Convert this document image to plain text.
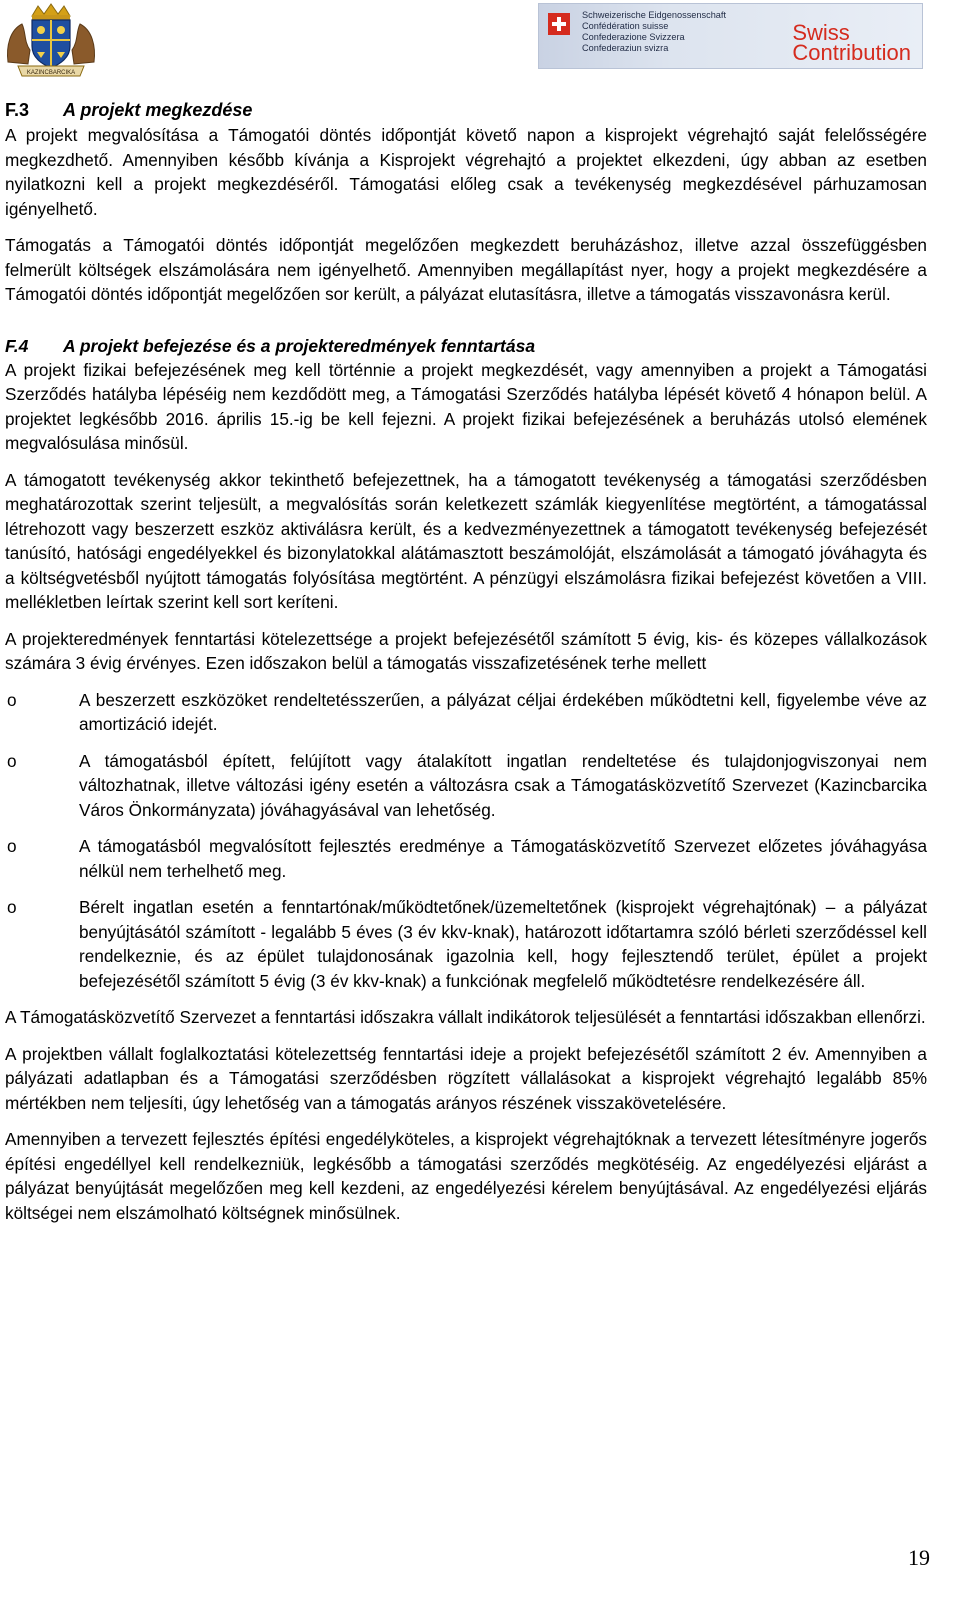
KAZINCBARCIKA
Schweizerische Eidgenossenschaft
Confédération suisse
Confederazione Svizzera
Confederaziun svizra
Swiss
Contribution
F.3 A projekt megkezdése

A projekt megvalósítása a Támogatói döntés időpontját követő napon a kisprojekt végrehajtó saját felelősségére megkezdhető. Amennyiben később kívánja a Kisprojekt végrehajtó a projektet elkezdeni, úgy abban az esetben nyilatkozni kell a projekt megkezdéséről. Támogatási előleg csak a tevékenység megkezdésével párhuzamosan igényelhető.

Támogatás a Támogatói döntés időpontját megelőzően megkezdett beruházáshoz, illetve azzal összefüggésben felmerült költségek elszámolására nem igényelhető. Amennyiben megállapítást nyer, hogy a projekt megkezdésére a Támogatói döntés időpontját megelőzően sor került, a pályázat elutasításra, illetve a támogatás visszavonásra kerül.

F.4 A projekt befejezése és a projekteredmények fenntartása

A projekt fizikai befejezésének meg kell történnie a projekt megkezdését, vagy amennyiben a projekt a Támogatási Szerződés hatályba lépéséig nem kezdődött meg, a Támogatási Szerződés hatályba lépését követő 4 hónapon belül. A projektet legkésőbb 2016. április 15.-ig be kell fejezni. A projekt fizikai befejezésének a beruházás utolsó elemének megvalósulása minősül.

A támogatott tevékenység akkor tekinthető befejezettnek, ha a támogatott tevékenység a támogatási szerződésben meghatározottak szerint teljesült, a megvalósítás során keletkezett számlák kiegyenlítése megtörtént, a támogatással létrehozott vagy beszerzett eszköz aktiválásra került, és a kedvezményezettnek a támogatott tevékenység befejezését tanúsító, hatósági engedélyekkel és bizonylatokkal alátámasztott beszámolóját, elszámolását a támogató jóváhagyta és a költségvetésből nyújtott támogatás folyósítása megtörtént. A pénzügyi elszámolásra fizikai befejezést követően a VIII. mellékletben leírtak szerint kell sort keríteni.

A projekteredmények fenntartási kötelezettsége a projekt befejezésétől számított 5 évig, kis- és közepes vállalkozások számára 3 évig érvényes. Ezen időszakon belül a támogatás visszafizetésének terhe mellett

o	A beszerzett eszközöket rendeltetésszerűen, a pályázat céljai érdekében működtetni kell, figyelembe véve az amortizáció idejét.
o	A támogatásból épített, felújított vagy átalakított ingatlan rendeltetése és tulajdonjogviszonyai nem változhatnak, illetve változási igény esetén a változásra csak a Támogatásközvetítő Szervezet (Kazincbarcika Város Önkormányzata) jóváhagyásával van lehetőség.
o	A támogatásból megvalósított fejlesztés eredménye a Támogatásközvetítő Szervezet előzetes jóváhagyása nélkül nem terhelhető meg.
o	Bérelt ingatlan esetén a fenntartónak/működtetőnek/üzemeltetőnek (kisprojekt végrehajtónak) – a pályázat benyújtásától számított - legalább 5 éves (3 év kkv-knak), határozott időtartamra szóló bérleti szerződéssel kell rendelkeznie, és az épület tulajdonosának igazolnia kell, hogy fejlesztendő terület, épület a projekt befejezésétől számított 5 évig (3 év kkv-knak) a funkciónak megfelelő működtetésre rendelkezésére áll.

A Támogatásközvetítő Szervezet a fenntartási időszakra vállalt indikátorok teljesülését a fenntartási időszakban ellenőrzi.

A projektben vállalt foglalkoztatási kötelezettség fenntartási ideje a projekt befejezésétől számított 2 év. Amennyiben a pályázati adatlapban és a Támogatási szerződésben rögzített vállalásokat a kisprojekt végrehajtó legalább 85% mértékben nem teljesíti, úgy lehetőség van a támogatás arányos részének visszakövetelésére.

Amennyiben a tervezett fejlesztés építési engedélyköteles, a kisprojekt végrehajtóknak a tervezett létesítményre jogerős építési engedéllyel kell rendelkezniük, legkésőbb a támogatási szerződés megkötéséig. Az engedélyezési eljárást a pályázat benyújtását megelőzően meg kell kezdeni, az engedélyezési kérelem benyújtásával. Az engedélyezési eljárás költségei nem elszámolható költségnek minősülnek.

19
